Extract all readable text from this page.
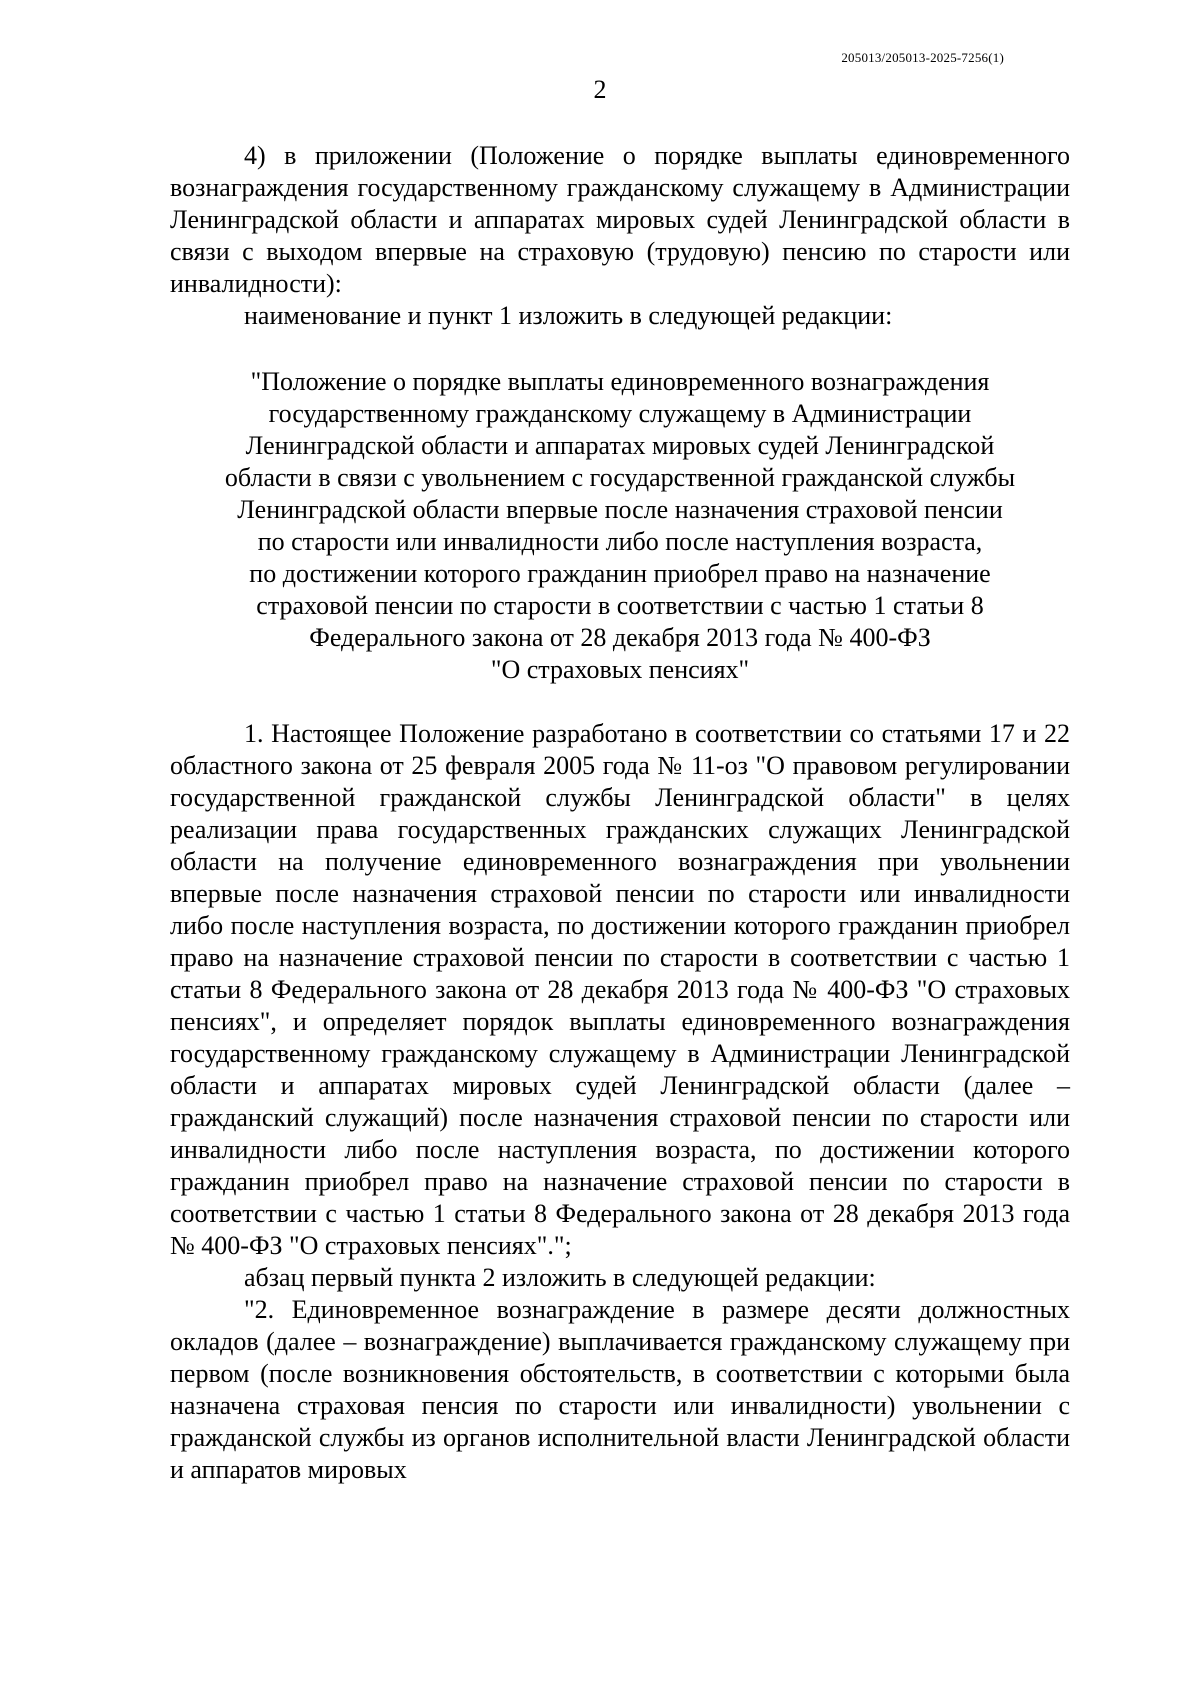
205013/205013-2025-7256(1)
2

4) в приложении (Положение о порядке выплаты единовременного вознаграждения государственному гражданскому служащему в Администрации Ленинградской области и аппаратах мировых судей Ленинградской области в связи с выходом впервые на страховую (трудовую) пенсию по старости или инвалидности):

наименование и пункт 1 изложить в следующей редакции:

"Положение о порядке выплаты единовременного вознаграждения
государственному гражданскому служащему в Администрации
Ленинградской области и аппаратах мировых судей Ленинградской
области в связи с увольнением с государственной гражданской службы
Ленинградской области впервые после назначения страховой пенсии
по старости или инвалидности либо после наступления возраста,
по достижении которого гражданин приобрел право на назначение
страховой пенсии по старости в соответствии с частью 1 статьи 8
Федерального закона от 28 декабря 2013 года № 400-ФЗ
"О страховых пенсиях"

1. Настоящее Положение разработано в соответствии со статьями 17 и 22 областного закона от 25 февраля 2005 года № 11-оз "О правовом регулировании государственной гражданской службы Ленинградской области" в целях реализации права государственных гражданских служащих Ленинградской области на получение единовременного вознаграждения при увольнении впервые после назначения страховой пенсии по старости или инвалидности либо после наступления возраста, по достижении которого гражданин приобрел право на назначение страховой пенсии по старости в соответствии с частью 1 статьи 8 Федерального закона от 28 декабря 2013 года № 400-ФЗ "О страховых пенсиях", и определяет порядок выплаты единовременного вознаграждения государственному гражданскому служащему в Администрации Ленинградской области и аппаратах мировых судей Ленинградской области (далее – гражданский служащий) после назначения страховой пенсии по старости или инвалидности либо после наступления возраста, по достижении которого гражданин приобрел право на назначение страховой пенсии по старости в соответствии с частью 1 статьи 8 Федерального закона от 28 декабря 2013 года № 400-ФЗ "О страховых пенсиях".";

абзац первый пункта 2 изложить в следующей редакции:

"2. Единовременное вознаграждение в размере десяти должностных окладов (далее – вознаграждение) выплачивается гражданскому служащему при первом (после возникновения обстоятельств, в соответствии с которыми была назначена страховая пенсия по старости или инвалидности) увольнении с гражданской службы из органов исполнительной власти Ленинградской области и аппаратов мировых
